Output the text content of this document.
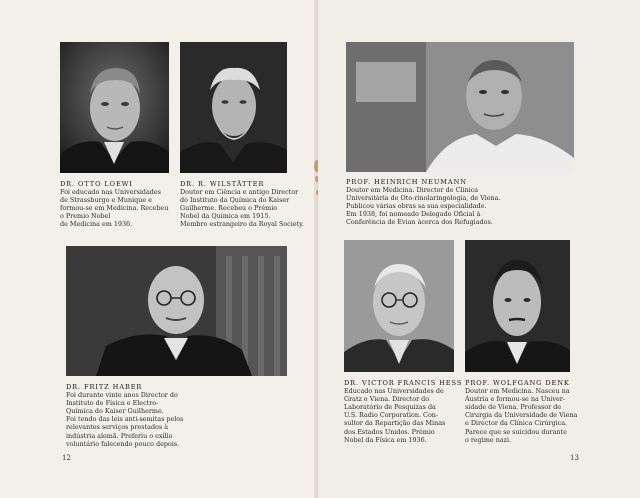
DR. OTTO LOEWI
Foi educado nas Universidades
de Strassburgo e Munique e
formou-se em Medicina. Recebeu
o Premio Nobel
de Medicina em 1936.
DR. R. WILSTÄTTER
Doutor em Ciência e antigo Director
do Instituto da Química do Kaiser
Guilherme. Recebeu o Prémio
Nobel da Química em 1915.
Membro estrangeiro da Royal Society.
DR. FRITZ HABER
Foi durante vinte anos Director do
Instituto de Física e Electro-
Química do Kaiser Guilherme.
Foi tendo das leis anti-semitas pelos
relevantes serviços prestados à
indústria alemã. Preferiu o exílio
voluntário falecendo pouco depois.
12
PROF. HEINRICH NEUMANN
Doutor em Medicina. Director de Clínica
Universitária de Oto-rinolaringologia, de Viena.
Publicou várias obras sa sua especialidade.
Em 1938, foi nomeado Delegado Oficial à
Conferência de Evian ácerca dos Refugiados.
DR. VICTOR FRANCIS HESS
Educado nas Universidades de
Gratz e Viena. Director do
Laboratório de Pesquizas da
U.S. Radio Corporation. Con-
sultor da Repartição das Minas
dos Estados Unidos. Prémio
Nobel da Física em 1936.
PROF. WOLFGANG DENK
Doutor em Medicina. Nasceu na
Áustria e formou-se na Univer-
sidade de Viena. Professor de
Cirurgia da Universidade de Viena
e Director da Clínica Cirúrgica.
Parece que se suicidou durante
o regime nazi.
13
